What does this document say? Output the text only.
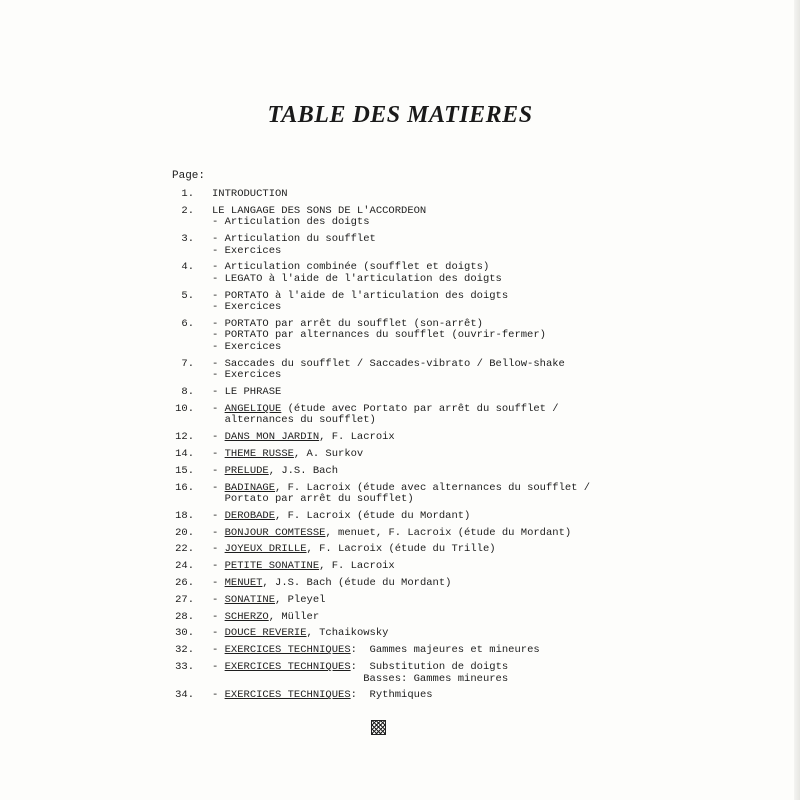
TABLE DES MATIERES
Page:
1. INTRODUCTION
2. LE LANGAGE DES SONS DE L'ACCORDEON
- Articulation des doigts
3. - Articulation du soufflet
- Exercices
4. - Articulation combinée (soufflet et doigts)
- LEGATO à l'aide de l'articulation des doigts
5. - PORTATO à l'aide de l'articulation des doigts
- Exercices
6. - PORTATO par arrêt du soufflet (son-arrêt)
- PORTATO par alternances du soufflet (ouvrir-fermer)
- Exercices
7. - Saccades du soufflet / Saccades-vibrato / Bellow-shake
- Exercices
8. - LE PHRASE
10. - ANGELIQUE (étude avec Portato par arrêt du soufflet /
alternances du soufflet)
12. - DANS MON JARDIN, F. Lacroix
14. - THEME RUSSE, A. Surkov
15. - PRELUDE, J.S. Bach
16. - BADINAGE, F. Lacroix (étude avec alternances du soufflet /
Portato par arrêt du soufflet)
18. - DEROBADE, F. Lacroix (étude du Mordant)
20. - BONJOUR COMTESSE, menuet, F. Lacroix (étude du Mordant)
22. - JOYEUX DRILLE, F. Lacroix (étude du Trille)
24. - PETITE SONATINE, F. Lacroix
26. - MENUET, J.S. Bach (étude du Mordant)
27. - SONATINE, Pleyel
28. - SCHERZO, Müller
30. - DOUCE REVERIE, Tchaikowsky
32. - EXERCICES TECHNIQUES:  Gammes majeures et mineures
33. - EXERCICES TECHNIQUES:  Substitution de doigts
Basses: Gammes mineures
34. - EXERCICES TECHNIQUES:  Rythmiques
